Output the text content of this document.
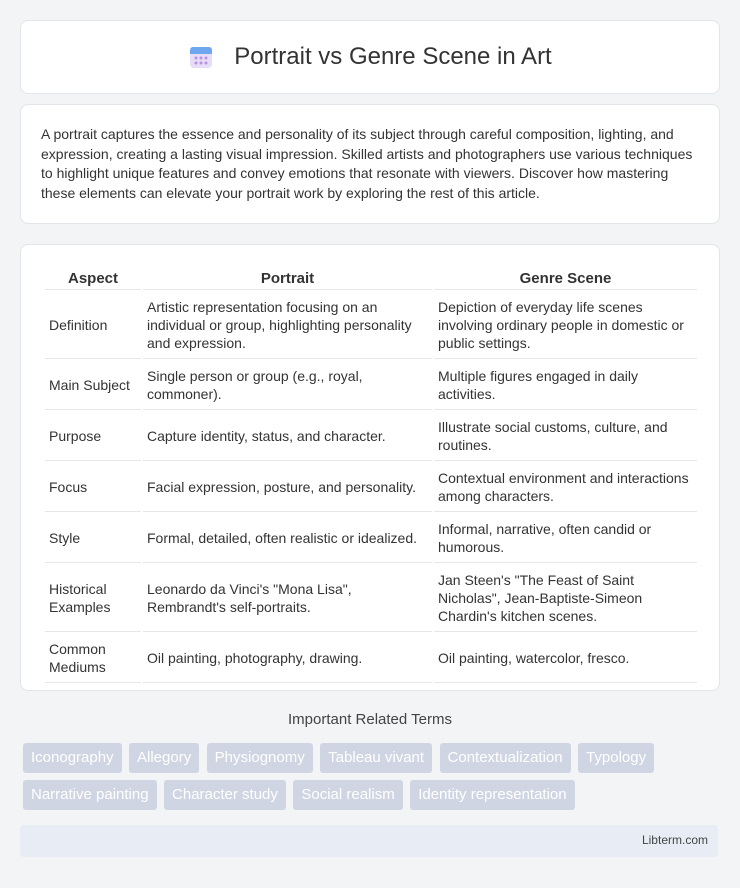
Portrait vs Genre Scene in Art

A portrait captures the essence and personality of its subject through careful composition, lighting, and expression, creating a lasting visual impression. Skilled artists and photographers use various techniques to highlight unique features and convey emotions that resonate with viewers. Discover how mastering these elements can elevate your portrait work by exploring the rest of this article.

Aspect	Portrait	Genre Scene
Definition	Artistic representation focusing on an individual or group, highlighting personality and expression.	Depiction of everyday life scenes involving ordinary people in domestic or public settings.
Main Subject	Single person or group (e.g., royal, commoner).	Multiple figures engaged in daily activities.
Purpose	Capture identity, status, and character.	Illustrate social customs, culture, and routines.
Focus	Facial expression, posture, and personality.	Contextual environment and interactions among characters.
Style	Formal, detailed, often realistic or idealized.	Informal, narrative, often candid or humorous.
Historical Examples	Leonardo da Vinci's "Mona Lisa", Rembrandt's self-portraits.	Jan Steen's "The Feast of Saint Nicholas", Jean-Baptiste-Simeon Chardin's kitchen scenes.
Common Mediums	Oil painting, photography, drawing.	Oil painting, watercolor, fresco.
Important Related Terms
Iconography Allegory Physiognomy Tableau vivant Contextualization Typology Narrative painting Character study Social realism Identity representation
Libterm.com
